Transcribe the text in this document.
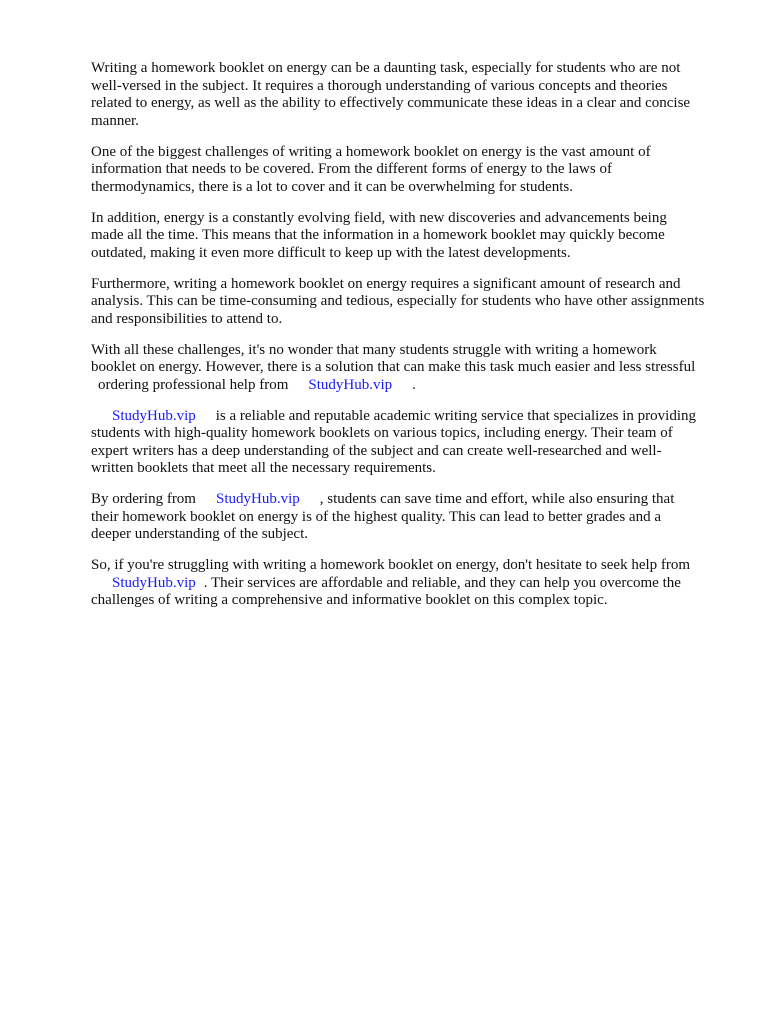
Writing a homework booklet on energy can be a daunting task, especially for students who are not
well-versed in the subject. It requires a thorough understanding of various concepts and theories
related to energy, as well as the ability to effectively communicate these ideas in a clear and concise
manner.

One of the biggest challenges of writing a homework booklet on energy is the vast amount of
information that needs to be covered. From the different forms of energy to the laws of
thermodynamics, there is a lot to cover and it can be overwhelming for students.

In addition, energy is a constantly evolving field, with new discoveries and advancements being
made all the time. This means that the information in a homework booklet may quickly become
outdated, making it even more difficult to keep up with the latest developments.

Furthermore, writing a homework booklet on energy requires a significant amount of research and
analysis. This can be time-consuming and tedious, especially for students who have other assignments
and responsibilities to attend to.

With all these challenges, it's no wonder that many students struggle with writing a homework
booklet on energy. However, there is a solution that can make this task much easier and less stressful
ordering professional help from StudyHub.vip .

StudyHub.vip is a reliable and reputable academic writing service that specializes in providing
students with high-quality homework booklets on various topics, including energy. Their team of
expert writers has a deep understanding of the subject and can create well-researched and well-
written booklets that meet all the necessary requirements.

By ordering from StudyHub.vip , students can save time and effort, while also ensuring that
their homework booklet on energy is of the highest quality. This can lead to better grades and a
deeper understanding of the subject.

So, if you're struggling with writing a homework booklet on energy, don't hesitate to seek help from
StudyHub.vip . Their services are affordable and reliable, and they can help you overcome the
challenges of writing a comprehensive and informative booklet on this complex topic.
